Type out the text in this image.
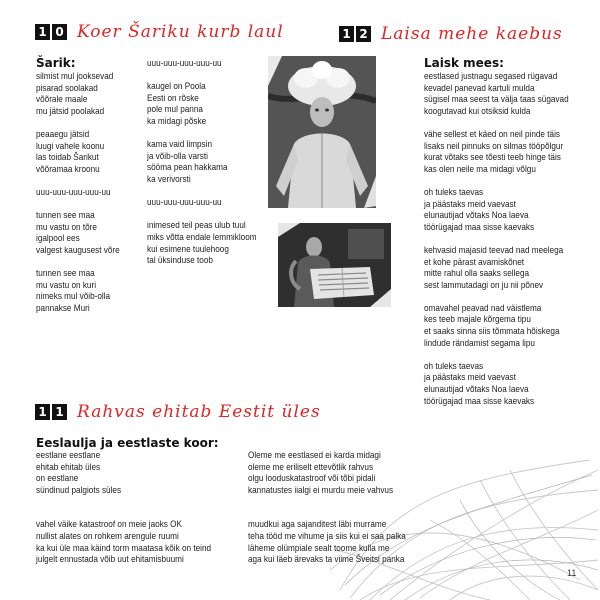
1 0 Koer Šariku kurb laul
Šarik:
silmist mul jooksevad
pisarad soolakad
võõrale maale
mu jätsid poolakad
peaaegu jätsid
luugi vahele koonu
las toidab Šarikut
võõramaa kroonu
uuu-uuu-uuu-uuu-uu
tunnen see maa
mu vastu on tõre
igalpool ees
valgest kaugusest võre
tunnen see maa
mu vastu on kuri
nimeks mul võib-olla
pannakse Muri
uuu-uuu-uuu-uuu-uu
kaugel on Poola
Eesti on rõske
pole mul panna
ka midagi põske
kama vaid limpsin
ja võib-olla varsti
sööma pean hakkama
ka verivorsti
uuu-uuu-uuu-uuu-uu
inimesed teil peas ulub tuul
miks võtta endale lemmikloom
kui esimene tuulehoog
tal üksinduse toob
1 2 Laisa mehe kaebus
Laisk mees:
eestlased justnagu segased rügavad
kevadel panevad kartuli mulda
sügisel maa seest ta välja taas sügavad
koogutavad kui otsiksid kulda
vähe sellest et käed on neil pinde täis
lisaks neil pinnuks on silmas tööpõlgur
kurat võtaks see tõesti teeb hinge täis
kas olen neile ma midagi võlgu
oh tuleks taevas
ja päästaks meid vaevast
elunautijad võtaks Noa laeva
töörügajad maa sisse kaevaks
kehvasid majasid teevad nad meelega
et kohe pärast avamiskõnet
mitte rahul olla saaks sellega
sest lammutadagi on ju nii põnev
omavahel peavad nad väistlema
kes teeb majale kõrgema tipu
et saaks sinna siis tõmmata hõiskega
lindude rändamist segama lipu
oh tuleks taevas
ja päästaks meid vaevast
elunautijad võtaks Noa laeva
töörügajad maa sisse kaevaks
1 1 Rahvas ehitab Eestit üles
Eeslaulja ja eestlaste koor:
eestlane eestlane
ehitab ehitab üles
on eestlane
sündinud palgiots süles
vahel väike katastroof on meie jaoks OK
nullist alates on rohkem arengule ruumi
ka kui üle maa käind torm maatasa kõik on teind
julgelt ennustada võib uut ehitamisbuumi
Oleme me eestlased ei karda midagi
oleme me eriliselt ettevõtlik rahvus
olgu looduskatastroof või tõbi pidali
kannatustes iialgi ei murdu meie vahvus
muudkui aga sajanditest läbi murrame
teha tööd me vihume ja siis kui ei saa palka
läheme olümpiale sealt toome kulla me
aga kui läeb ärevaks ta viime Šveitsi panka
11
